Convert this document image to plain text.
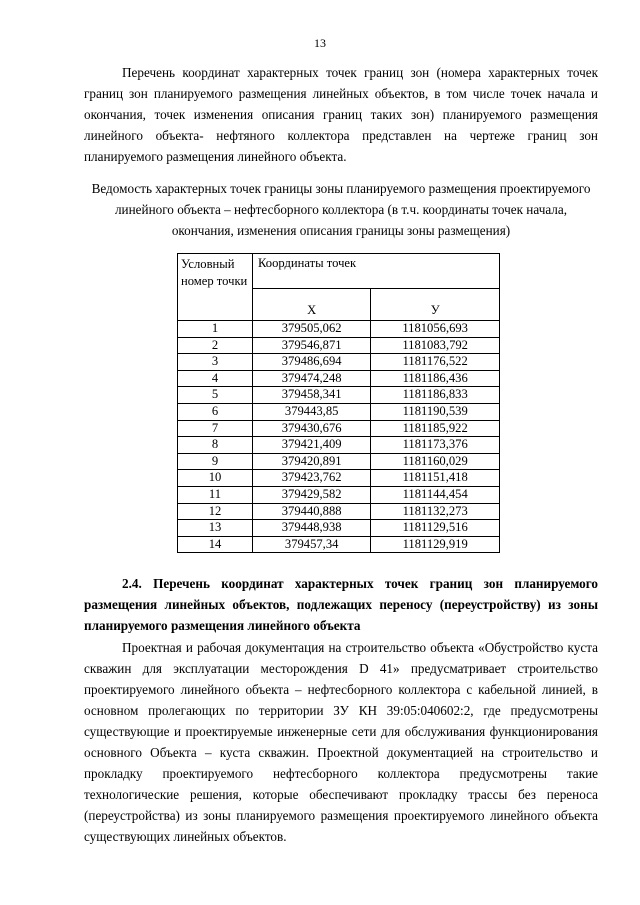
13

Перечень координат характерных точек границ зон (номера характерных точек границ зон планируемого размещения линейных объектов, в том числе точек начала и окончания, точек изменения описания границ таких зон) планируемого размещения линейного объекта- нефтяного коллектора представлен на чертеже границ зон планируемого размещения линейного объекта.

Ведомость характерных точек границы зоны планируемого размещения проектируемого линейного объекта – нефтесборного коллектора (в т.ч. координаты точек начала, окончания, изменения описания границы зоны размещения)

Условный номер точки	Координаты точек	
	Х	У
1	379505,062	1181056,693
2	379546,871	1181083,792
3	379486,694	1181176,522
4	379474,248	1181186,436
5	379458,341	1181186,833
6	379443,85	1181190,539
7	379430,676	1181185,922
8	379421,409	1181173,376
9	379420,891	1181160,029
10	379423,762	1181151,418
11	379429,582	1181144,454
12	379440,888	1181132,273
13	379448,938	1181129,516
14	379457,34	1181129,919

2.4. Перечень координат характерных точек границ зон планируемого размещения линейных объектов, подлежащих переносу (переустройству) из зоны планируемого размещения линейного объекта

Проектная и рабочая документация на строительство объекта «Обустройство куста скважин для эксплуатации месторождения D 41» предусматривает строительство проектируемого линейного объекта – нефтесборного коллектора с кабельной линией, в основном пролегающих по территории ЗУ КН 39:05:040602:2, где предусмотрены существующие и проектируемые инженерные сети для обслуживания функционирования основного Объекта – куста скважин. Проектной документацией на строительство и прокладку проектируемого нефтесборного коллектора предусмотрены такие технологические решения, которые обеспечивают прокладку трассы без переноса (переустройства) из зоны планируемого размещения проектируемого линейного объекта существующих линейных объектов.
